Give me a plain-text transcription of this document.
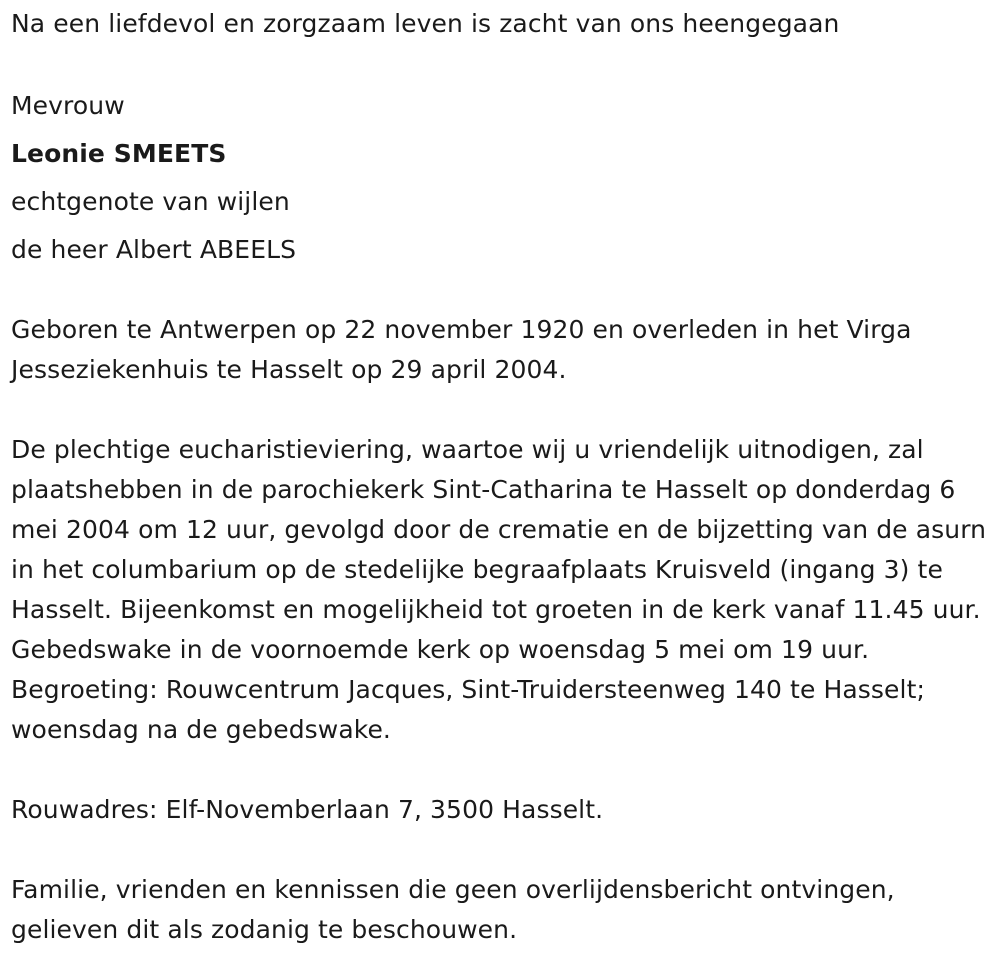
Na een liefdevol en zorgzaam leven is zacht van ons heengegaan
Mevrouw
Leonie SMEETS
echtgenote van wijlen
de heer Albert ABEELS
Geboren te Antwerpen op 22 november 1920 en overleden in het Virga Jesseziekenhuis te Hasselt op 29 april 2004.
De plechtige eucharistieviering, waartoe wij u vriendelijk uitnodigen, zal plaatshebben in de parochiekerk Sint-Catharina te Hasselt op donderdag 6 mei 2004 om 12 uur, gevolgd door de crematie en de bijzetting van de asurn in het columbarium op de stedelijke begraafplaats Kruisveld (ingang 3) te Hasselt. Bijeenkomst en mogelijkheid tot groeten in de kerk vanaf 11.45 uur. Gebedswake in de voornoemde kerk op woensdag 5 mei om 19 uur. Begroeting: Rouwcentrum Jacques, Sint-Truidersteenweg 140 te Hasselt; woensdag na de gebedswake.
Rouwadres: Elf-Novemberlaan 7, 3500 Hasselt.
Familie, vrienden en kennissen die geen overlijdensbericht ontvingen, gelieven dit als zodanig te beschouwen.
